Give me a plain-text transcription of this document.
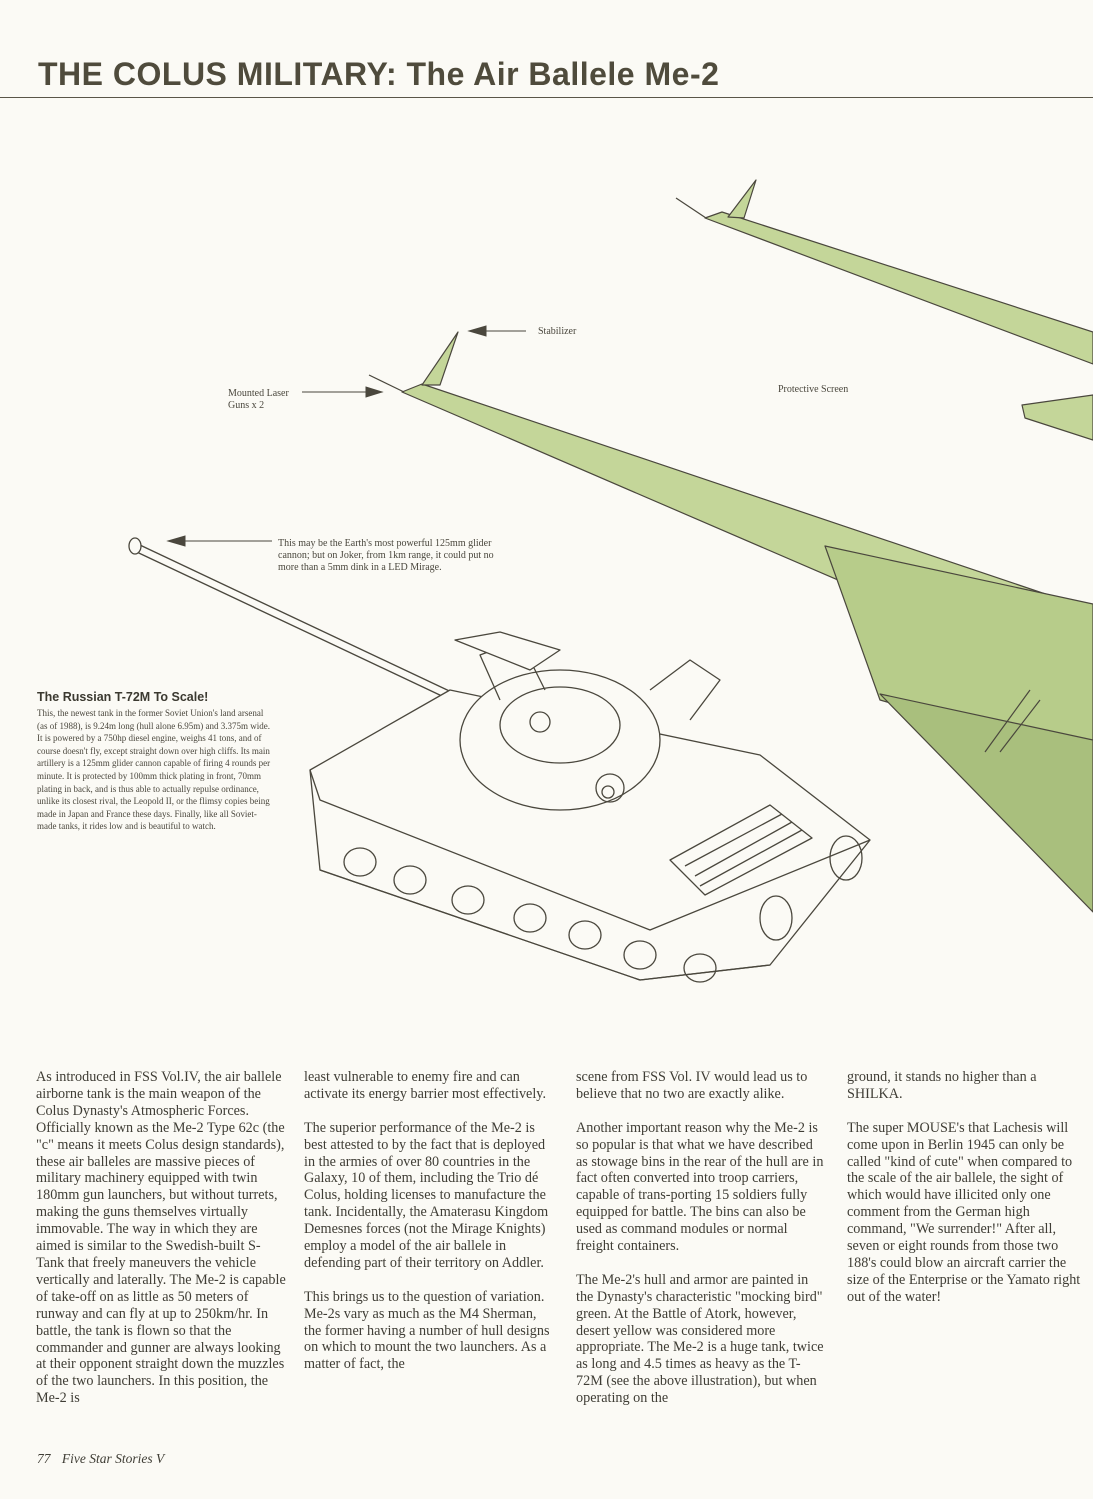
THE COLUS MILITARY: The Air Ballele Me-2
Stabilizer
Protective Screen
Mounted Laser
Guns x 2
This may be the Earth's most powerful 125mm glider
cannon; but on Joker, from 1km range, it could put no
more than a 5mm dink in a LED Mirage.
The Russian T-72M To Scale!

This, the newest tank in the former Soviet Union's land arsenal (as of 1988), is 9.24m long (hull alone 6.95m) and 3.375m wide. It is powered by a 750hp diesel engine, weighs 41 tons, and of course doesn't fly, except straight down over high cliffs. Its main artillery is a 125mm glider cannon capable of firing 4 rounds per minute. It is protected by 100mm thick plating in front, 70mm plating in back, and is thus able to actually repulse ordinance, unlike its closest rival, the Leopold II, or the flimsy copies being made in Japan and France these days. Finally, like all Soviet-made tanks, it rides low and is beautiful to watch.

As introduced in FSS Vol.IV, the air ballele airborne tank is the main weapon of the Colus Dynasty's Atmospheric Forces. Officially known as the Me-2 Type 62c (the "c" means it meets Colus design standards), these air balleles are massive pieces of military machinery equipped with twin 180mm gun launchers, but without turrets, making the guns themselves virtually immovable. The way in which they are aimed is similar to the Swedish-built S-Tank that freely maneuvers the vehicle vertically and laterally. The Me-2 is capable of take-off on as little as 50 meters of runway and can fly at up to 250km/hr. In battle, the tank is flown so that the commander and gunner are always looking at their opponent straight down the muzzles of the two launchers. In this position, the Me-2 is

least vulnerable to enemy fire and can activate its energy barrier most effectively.

The superior performance of the Me-2 is best attested to by the fact that is deployed in the armies of over 80 countries in the Galaxy, 10 of them, including the Trio dé Colus, holding licenses to manufacture the tank. Incidentally, the Amaterasu Kingdom Demesnes forces (not the Mirage Knights) employ a model of the air ballele in defending part of their territory on Addler.

This brings us to the question of variation. Me-2s vary as much as the M4 Sherman, the former having a number of hull designs on which to mount the two launchers. As a matter of fact, the

scene from FSS Vol. IV would lead us to believe that no two are exactly alike.

Another important reason why the Me-2 is so popular is that what we have described as stowage bins in the rear of the hull are in fact often converted into troop carriers, capable of trans-porting 15 soldiers fully equipped for battle. The bins can also be used as command modules or normal freight containers.

The Me-2's hull and armor are painted in the Dynasty's characteristic "mocking bird" green. At the Battle of Atork, however, desert yellow was considered more appropriate. The Me-2 is a huge tank, twice as long and 4.5 times as heavy as the T-72M (see the above illustration), but when operating on the

ground, it stands no higher than a SHILKA.

The super MOUSE's that Lachesis will come upon in Berlin 1945 can only be called "kind of cute" when compared to the scale of the air ballele, the sight of which would have illicited only one comment from the German high command, "We surrender!" After all, seven or eight rounds from those two 188's could blow an aircraft carrier the size of the Enterprise or the Yamato right out of the water!

77 Five Star Stories V
